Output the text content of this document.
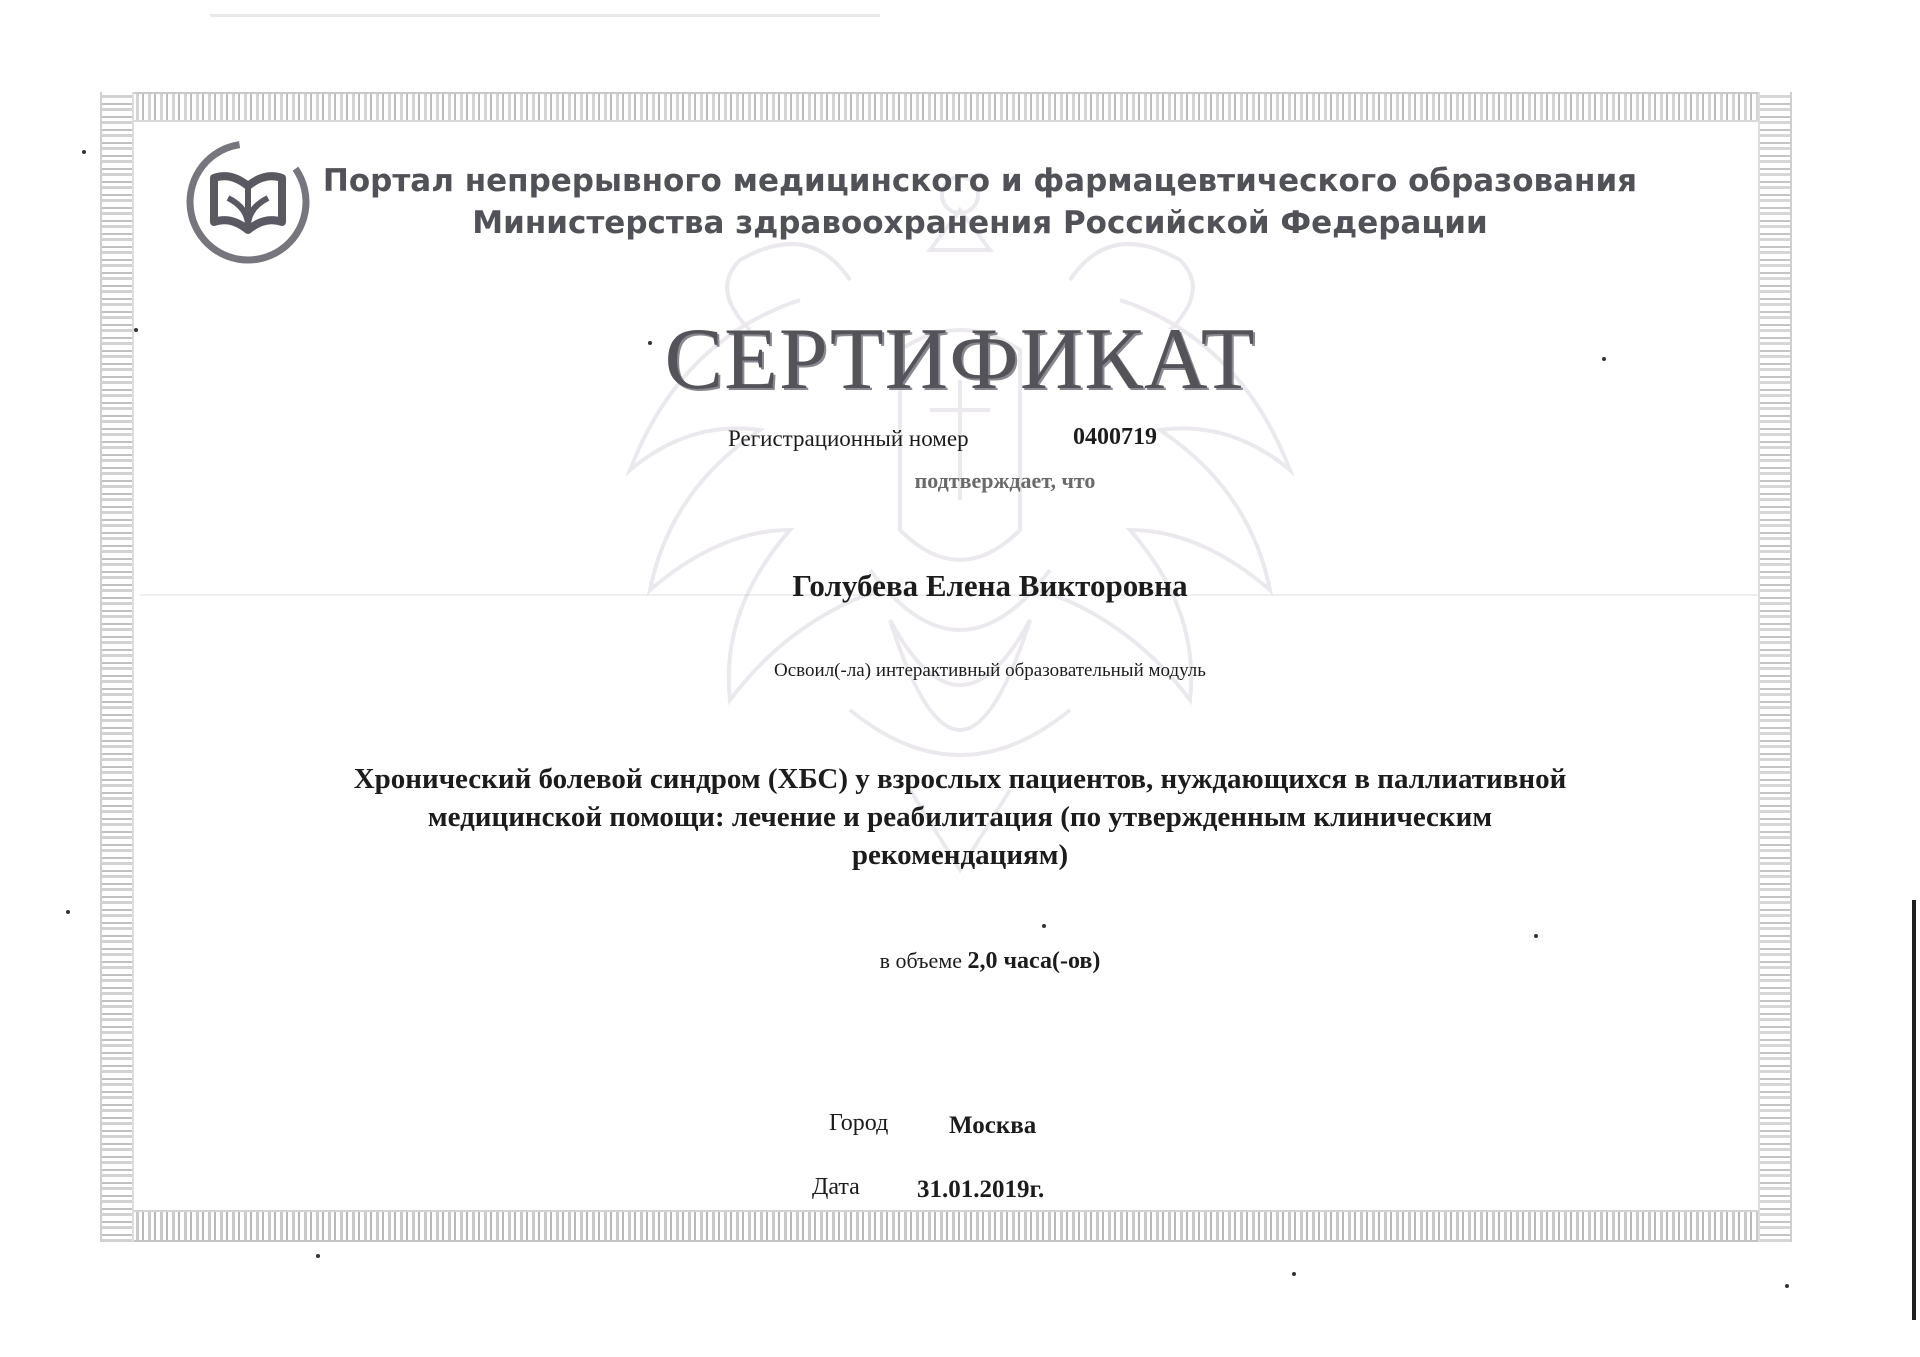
Портал непрерывного медицинского и фармацевтического образования
Министерства здравоохранения Российской Федерации
СЕРТИФИКАТ
Регистрационный номер	0400719
подтверждает, что
Голубева Елена Викторовна
Освоил(-ла) интерактивный образовательный модуль
Хронический болевой синдром (ХБС) у взрослых пациентов, нуждающихся в паллиативной медицинской помощи: лечение и реабилитация (по утвержденным клиническим рекомендациям)
в объеме 2,0 часа(-ов)
Город Москва
Дата 31.01.2019г.
